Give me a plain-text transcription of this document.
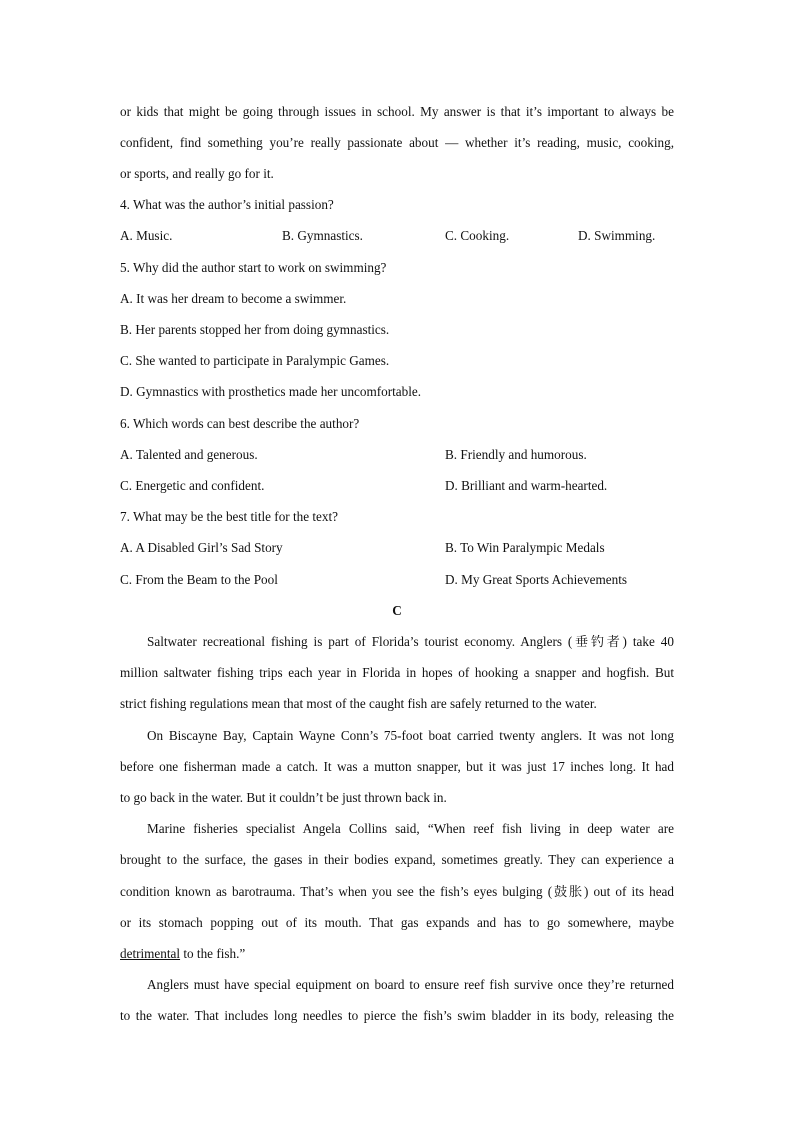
or kids that might be going through issues in school. My answer is that it’s important to always be
confident, find something you’re really passionate about — whether it’s reading, music, cooking,
or sports, and really go for it.
4. What was the author’s initial passion?
A. Music.	B. Gymnastics.	C. Cooking.	D. Swimming.
5. Why did the author start to work on swimming?
A. It was her dream to become a swimmer.
B. Her parents stopped her from doing gymnastics.
C. She wanted to participate in Paralympic Games.
D. Gymnastics with prosthetics made her uncomfortable.
6. Which words can best describe the author?
A. Talented and generous.	B. Friendly and humorous.
C. Energetic and confident.	D. Brilliant and warm-hearted.
7. What may be the best title for the text?
A. A Disabled Girl’s Sad Story	B. To Win Paralympic Medals
C. From the Beam to the Pool	D. My Great Sports Achievements
C
Saltwater recreational fishing is part of Florida’s tourist economy. Anglers (垂钓者) take 40
million saltwater fishing trips each year in Florida in hopes of hooking a snapper and hogfish. But
strict fishing regulations mean that most of the caught fish are safely returned to the water.
On Biscayne Bay, Captain Wayne Conn’s 75-foot boat carried twenty anglers. It was not long
before one fisherman made a catch. It was a mutton snapper, but it was just 17 inches long. It had
to go back in the water. But it couldn’t be just thrown back in.
Marine fisheries specialist Angela Collins said, “When reef fish living in deep water are
brought to the surface, the gases in their bodies expand, sometimes greatly. They can experience a
condition known as barotrauma. That’s when you see the fish’s eyes bulging (鼓胀) out of its head
or its stomach popping out of its mouth. That gas expands and has to go somewhere, maybe
detrimental to the fish.”
Anglers must have special equipment on board to ensure reef fish survive once they’re returned
to the water. That includes long needles to pierce the fish’s swim bladder in its body, releasing the
